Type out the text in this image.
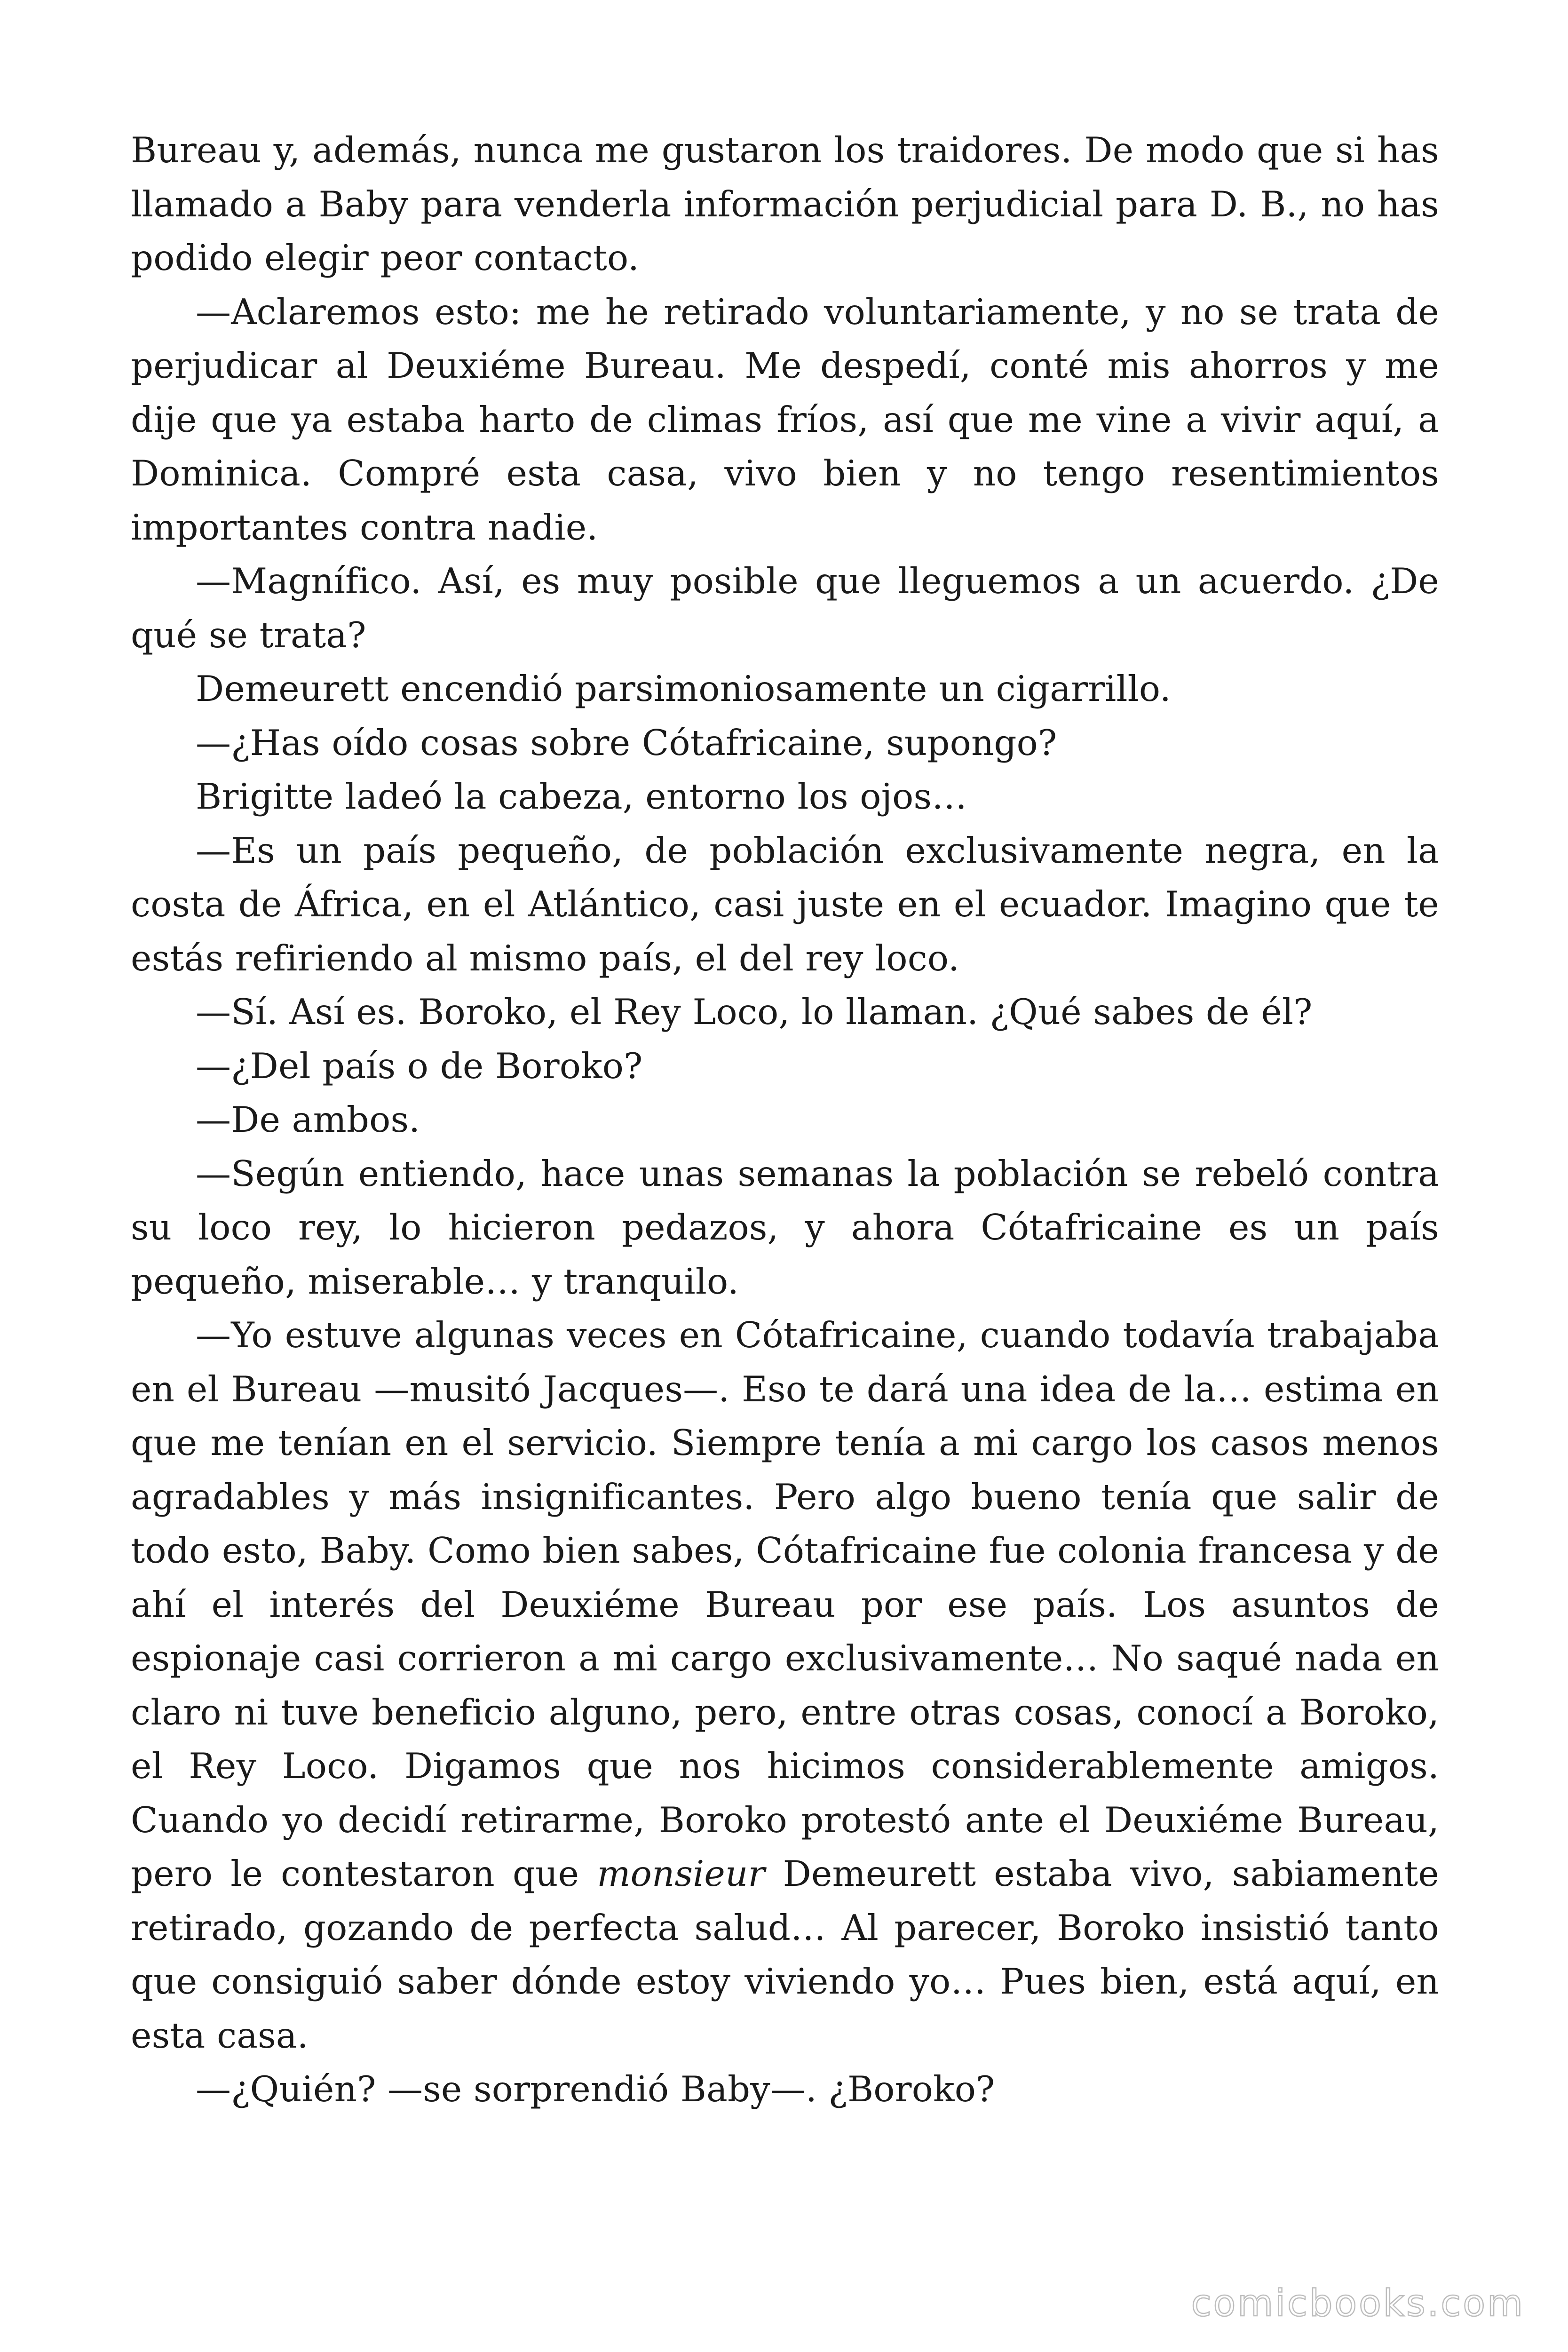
Bureau y, además, nunca me gustaron los traidores. De modo que si has llamado a Baby para venderla información perjudicial para D. B., no has podido elegir peor contacto.

—Aclaremos esto: me he retirado voluntariamente, y no se trata de perjudicar al Deuxiéme Bureau. Me despedí, conté mis ahorros y me dije que ya estaba harto de climas fríos, así que me vine a vivir aquí, a Dominica. Compré esta casa, vivo bien y no tengo resentimientos importantes contra nadie.

—Magnífico. Así, es muy posible que lleguemos a un acuerdo. ¿De qué se trata?

Demeurett encendió parsimoniosamente un cigarrillo.

—¿Has oído cosas sobre Cótafricaine, supongo?

Brigitte ladeó la cabeza, entorno los ojos…

—Es un país pequeño, de población exclusivamente negra, en la costa de África, en el Atlántico, casi juste en el ecuador. Imagino que te estás refiriendo al mismo país, el del rey loco.

—Sí. Así es. Boroko, el Rey Loco, lo llaman. ¿Qué sabes de él?

—¿Del país o de Boroko?

—De ambos.

—Según entiendo, hace unas semanas la población se rebeló contra su loco rey, lo hicieron pedazos, y ahora Cótafricaine es un país pequeño, miserable… y tranquilo.

—Yo estuve algunas veces en Cótafricaine, cuando todavía trabajaba en el Bureau —musitó Jacques—. Eso te dará una idea de la… estima en que me tenían en el servicio. Siempre tenía a mi cargo los casos menos agradables y más insignificantes. Pero algo bueno tenía que salir de todo esto, Baby. Como bien sabes, Cótafricaine fue colonia francesa y de ahí el interés del Deuxiéme Bureau por ese país. Los asuntos de espionaje casi corrieron a mi cargo exclusivamente… No saqué nada en claro ni tuve beneficio alguno, pero, entre otras cosas, conocí a Boroko, el Rey Loco. Digamos que nos hicimos considerablemente amigos. Cuando yo decidí retirarme, Boroko protestó ante el Deuxiéme Bureau, pero le contestaron que monsieur Demeurett estaba vivo, sabiamente retirado, gozando de perfecta salud… Al parecer, Boroko insistió tanto que consiguió saber dónde estoy viviendo yo… Pues bien, está aquí, en esta casa.

—¿Quién? —se sorprendió Baby—. ¿Boroko?

comicbooks.com
